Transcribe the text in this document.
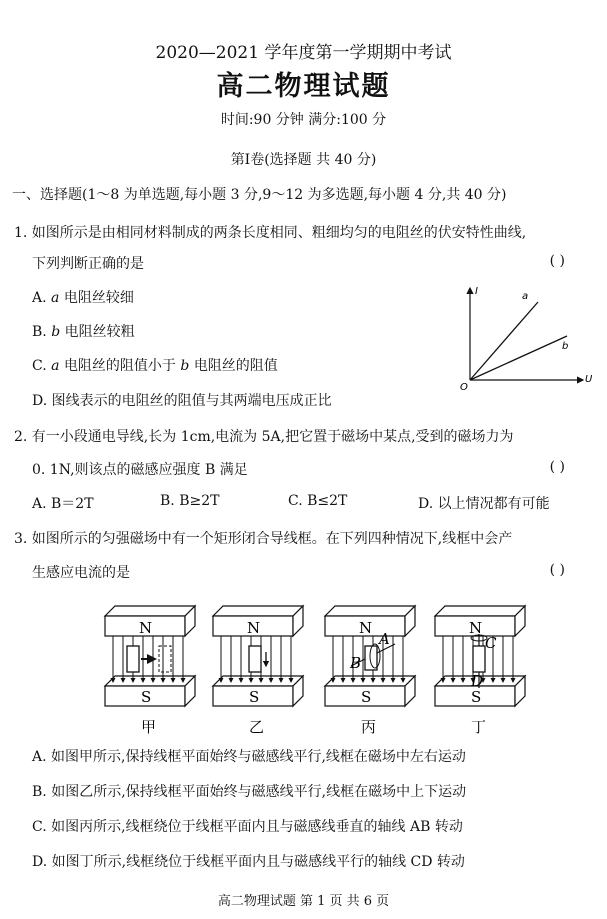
2020—2021 学年度第一学期期中考试
高二物理试题
时间:90 分钟 满分:100 分
第Ⅰ卷(选择题 共 40 分)
一、选择题(1～8 为单选题,每小题 3 分,9～12 为多选题,每小题 4 分,共 40 分)
1. 如图所示是由相同材料制成的两条长度相同、粗细均匀的电阻丝的伏安特性曲线,
下列判断正确的是	( )
A. a 电阻丝较细
B. b 电阻丝较粗
C. a 电阻丝的阻值小于 b 电阻丝的阻值
D. 图线表示的电阻丝的阻值与其两端电压成正比
I
U
O
a
b
2. 有一小段通电导线,长为 1cm,电流为 5A,把它置于磁场中某点,受到的磁场力为
0. 1N,则该点的磁感应强度 B 满足	( )
A. B＝2T	B. B≥2T	C. B≤2T	D. 以上情况都有可能
3. 如图所示的匀强磁场中有一个矩形闭合导线框。在下列四种情况下,线框中会产
生感应电流的是	( )
N
S
甲
N
S
乙
A
B
N
S
丙
C
D
N
S
丁
A. 如图甲所示,保持线框平面始终与磁感线平行,线框在磁场中左右运动
B. 如图乙所示,保持线框平面始终与磁感线平行,线框在磁场中上下运动
C. 如图丙所示,线框绕位于线框平面内且与磁感线垂直的轴线 AB 转动
D. 如图丁所示,线框绕位于线框平面内且与磁感线平行的轴线 CD 转动
高二物理试题 第 1 页 共 6 页
